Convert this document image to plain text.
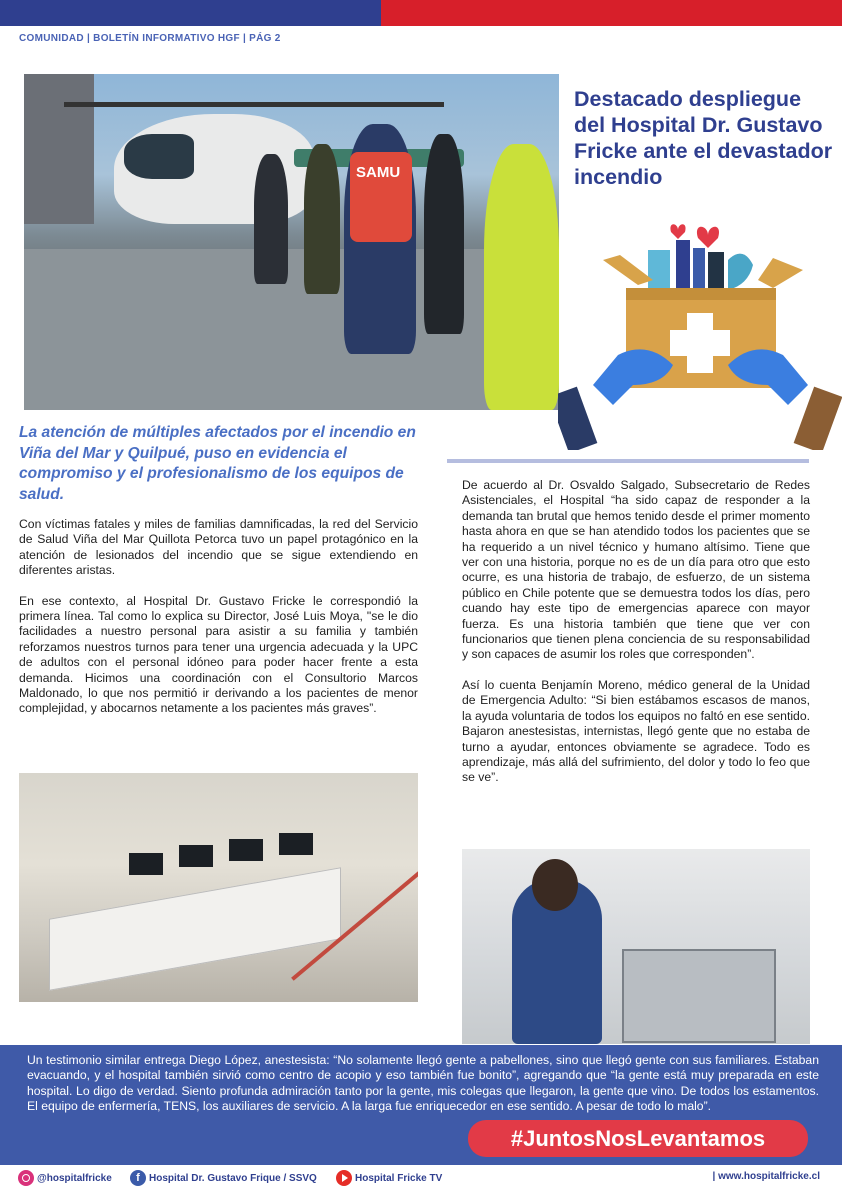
COMUNIDAD | BOLETÍN INFORMATIVO HGF | PÁG 2
SAMU
Destacado despliegue del Hospital Dr. Gustavo Fricke ante el devastador incendio
La atención de múltiples afectados por el incendio en Viña del Mar y Quilpué, puso en evidencia el compromiso y el profesionalismo de los equipos de salud.

Con víctimas fatales y miles de familias damnificadas, la red del Servicio de Salud Viña del Mar Quillota Petorca tuvo un papel protagónico en la atención de lesionados del incendio que se sigue extendiendo en diferentes aristas.

En ese contexto, al Hospital Dr. Gustavo Fricke le correspondió la primera línea. Tal como lo explica su Director, José Luis Moya, "se le dio facilidades a nuestro personal para asistir a su familia y también reforzamos nuestros turnos para tener una urgencia adecuada y la UPC de adultos con el personal idóneo para poder hacer frente a esta demanda. Hicimos una coordinación con el Consultorio Marcos Maldonado, lo que nos permitió ir derivando a los pacientes de menor complejidad, y abocarnos netamente a los pacientes más graves”.

De acuerdo al Dr. Osvaldo Salgado, Subsecretario de Redes Asistenciales, el Hospital “ha sido capaz de responder a la demanda tan brutal que hemos tenido desde el primer momento hasta ahora en que se han atendido todos los pacientes que se ha requerido a un nivel técnico y humano altísimo. Tiene que ver con una historia, porque no es de un día para otro que esto ocurre, es una historia de trabajo, de esfuerzo, de un sistema público en Chile potente que se demuestra todos los días, pero cuando hay este tipo de emergencias aparece con mayor fuerza. Es una historia también que tiene que ver con funcionarios que tienen plena conciencia de su responsabilidad y son capaces de asumir los roles que corresponden”.

Así lo cuenta Benjamín Moreno, médico general de la Unidad de Emergencia Adulto: “Si bien estábamos escasos de manos, la ayuda voluntaria de todos los equipos no faltó en ese sentido. Bajaron anestesistas, internistas, llegó gente que no estaba de turno a ayudar, entonces obviamente se agradece. Todo es aprendizaje, más allá del sufrimiento, del dolor y todo lo feo que se ve”.

Un testimonio similar entrega Diego López, anestesista: “No solamente llegó gente a pabellones, sino que llegó gente con sus familiares. Estaban evacuando, y el hospital también sirvió como centro de acopio y eso también fue bonito”, agregando que “la gente está muy preparada en este hospital. Lo digo de verdad. Siento profunda admiración tanto por la gente, mis colegas que llegaron, la gente que vino. De todos los estamentos. El equipo de enfermería, TENS, los auxiliares de servicio. A la larga fue enriquecedor en ese sentido. A pesar de todo lo malo”.
#JuntosNosLevantamos
@hospitalfricke	f Hospital Dr. Gustavo Frique / SSVQ	Hospital Fricke TV	| www.hospitalfricke.cl
